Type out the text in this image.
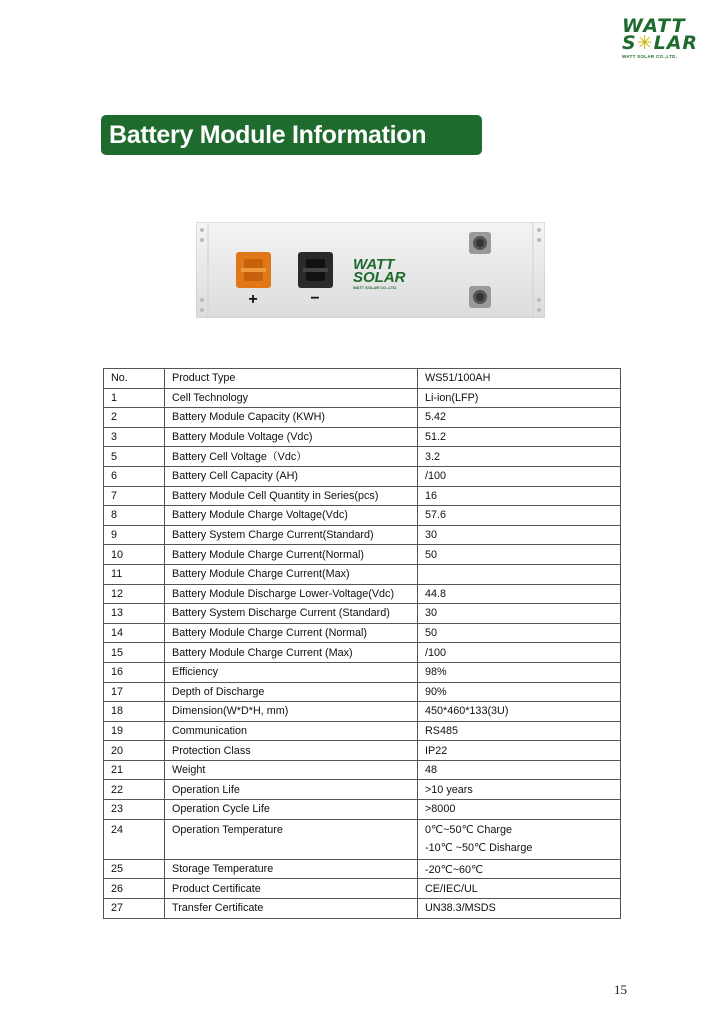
WATT
S✳LAR
WATT SOLAR CO.,LTD.
Battery Module Information
+	−
WATT
SOLAR
WATT SOLAR CO.,LTD.
No.	Product Type	WS51/100AH
1	Cell Technology	Li-ion(LFP)
2	Battery Module Capacity (KWH)	5.42
3	Battery Module Voltage (Vdc)	51.2
5	Battery Cell Voltage（Vdc）	3.2
6	Battery Cell Capacity (AH)	/100
7	Battery Module Cell Quantity in Series(pcs)	16
8	Battery Module Charge Voltage(Vdc)	57.6
9	Battery System Charge Current(Standard)	30
10	Battery Module Charge Current(Normal)	50
11	Battery Module Charge Current(Max)	
12	Battery Module Discharge Lower-Voltage(Vdc)	44.8
13	Battery System Discharge Current (Standard)	30
14	Battery Module Charge Current (Normal)	50
15	Battery Module Charge Current (Max)	/100
16	Efficiency	98%
17	Depth of Discharge	90%
18	Dimension(W*D*H, mm)	450*460*133(3U)
19	Communication	RS485
20	Protection Class	IP22
21	Weight	48
22	Operation Life	>10 years
23	Operation Cycle Life	>8000
24	Operation Temperature	0℃~50℃ Charge
-10℃ ~50℃ Disharge

25	Storage Temperature	-20℃~60℃
26	Product Certificate	CE/IEC/UL
27	Transfer Certificate	UN38.3/MSDS
15
